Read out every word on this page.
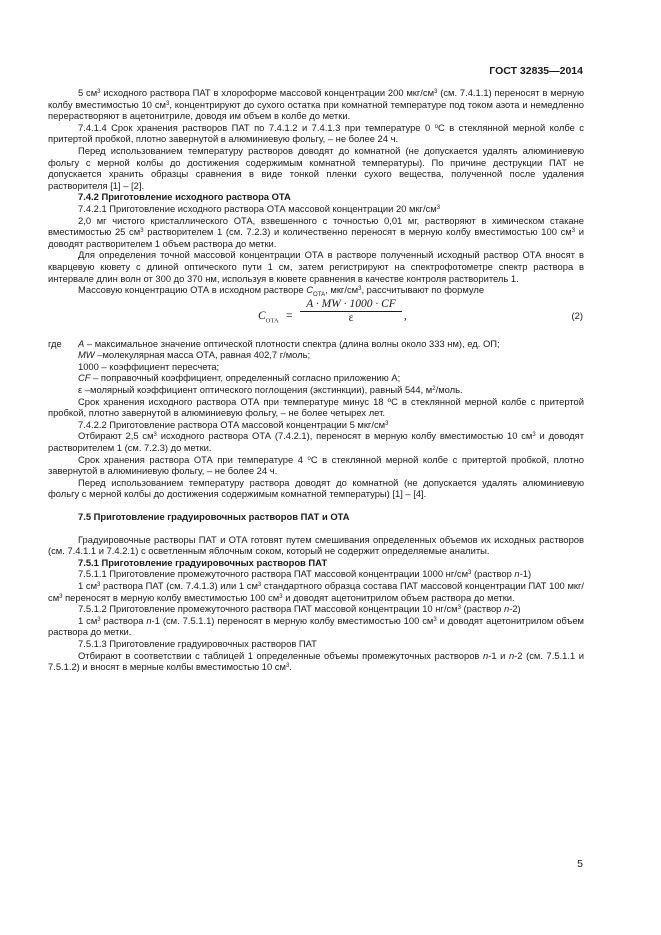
ГОСТ 32835—2014

5 $см^3$ исходного раствора ПАТ в хлороформе массовой концентрации 200 мкг/$см^3$ (см. 7.4.1.1) переносят в мерную колбу вместимостью 10 $см^3$, концентрируют до сухого остатка при комнатной температуре под током азота и немедленно перерастворяют в ацетонитриле, доводя им объем в колбе до метки.

7.4.1.4 Срок хранения растворов ПАТ по 7.4.1.2 и 7.4.1.3 при температуре 0 $^о$С в стеклянной мерной колбе с притертой пробкой, плотно завернутой в алюминиевую фольгу, – не более 24 ч.

Перед использованием температуру растворов доводят до комнатной (не допускается удалять алюминиевую фольгу с мерной колбы до достижения содержимым комнатной температуры). По причине деструкции ПАТ не допускается хранить образцы сравнения в виде тонкой пленки сухого вещества, полученной после удаления растворителя [1] – [2].

7.4.2 Приготовление исходного раствора ОТА

7.4.2.1 Приготовление исходного раствора ОТА массовой концентрации 20 мкг/$см^3$

2,0 мг чистого кристаллического ОТА, взвешенного с точностью 0,01 мг, растворяют в химическом стакане вместимостью 25 $см^3$ растворителем 1 (см. 7.2.3) и количественно переносят в мерную колбу вместимостью 100 $см^3$ и доводят растворителем 1 объем раствора до метки.

Для определения точной массовой концентрации ОТА в растворе полученный исходный раствор ОТА вносят в кварцевую кювету с длиной оптического пути 1 см, затем регистрируют на спектрофотометре спектр раствора в интервале длин волн от 300 до 370 нм, используя в кювете сравнения в качестве контроля растворитель 1.

Массовую концентрацию ОТА в исходном растворе $C_{ОТА}$, мкг/$см^3$, рассчитывают по формуле

$C_{ОТА} = \frac{A \cdot MW \cdot 1000 \cdot CF}{\varepsilon}$ ,	(2)
где A – максимальное значение оптической плотности спектра (длина волны около 333 нм), ед. ОП;

MW –молекулярная масса ОТА, равная 402,7 г/моль;

1000 – коэффициент пересчета;

CF – поправочный коэффициент, определенный согласно приложению А;

ε –молярный коэффициент оптического поглощения (экстинкции), равный 544, $м^2$/моль.

Срок хранения исходного раствора ОТА при температуре минус 18 ºС в стеклянной мерной колбе с притертой пробкой, плотно завернутой в алюминиевую фольгу, – не более четырех лет.

7.4.2.2 Приготовление раствора ОТА массовой концентрации 5 мкг/$см^3$

Отбирают 2,5 $см^3$ исходного раствора ОТА (7.4.2.1), переносят в мерную колбу вместимостью 10 $см^3$ и доводят растворителем 1 (см. 7.2.3) до метки.

Срок хранения раствора ОТА при температуре 4 $^о$С в стеклянной мерной колбе с притертой пробкой, плотно завернутой в алюминиевую фольгу, – не более 24 ч.

Перед использованием температуру раствора доводят до комнатной (не допускается удалять алюминиевую фольгу с мерной колбы до достижения содержимым комнатной температуры) [1] – [4].

7.5 Приготовление градуировочных растворов ПАТ и ОТА

Градуировочные растворы ПАТ и ОТА готовят путем смешивания определенных объемов их исходных растворов (см. 7.4.1.1 и 7.4.2.1) с осветленным яблочным соком, который не содержит определяемые аналиты.

7.5.1 Приготовление градуировочных растворов ПАТ

7.5.1.1 Приготовление промежуточного раствора ПАТ массовой концентрации 1000 $нг/см^3$ (раствор n-1)

1 $см^3$ раствора ПАТ (см. 7.4.1.3) или 1 $см^3$ стандартного образца состава ПАТ массовой концентрации ПАТ 100 мкг/$см^3$ переносят в мерную колбу вместимостью 100 $см^3$ и доводят ацетонитрилом объем раствора до метки.

7.5.1.2 Приготовление промежуточного раствора ПАТ массовой концентрации 10 $нг/см^3$ (раствор n-2)

1 $см^3$ раствора n-1 (см. 7.5.1.1) переносят в мерную колбу вместимостью 100 $см^3$ и доводят ацетонитрилом объем раствора до метки.

7.5.1.3 Приготовление градуировочных растворов ПАТ

Отбирают в соответствии с таблицей 1 определенные объемы промежуточных растворов n-1 и n-2 (см. 7.5.1.1 и 7.5.1.2) и вносят в мерные колбы вместимостью 10 $см^3$.

5
